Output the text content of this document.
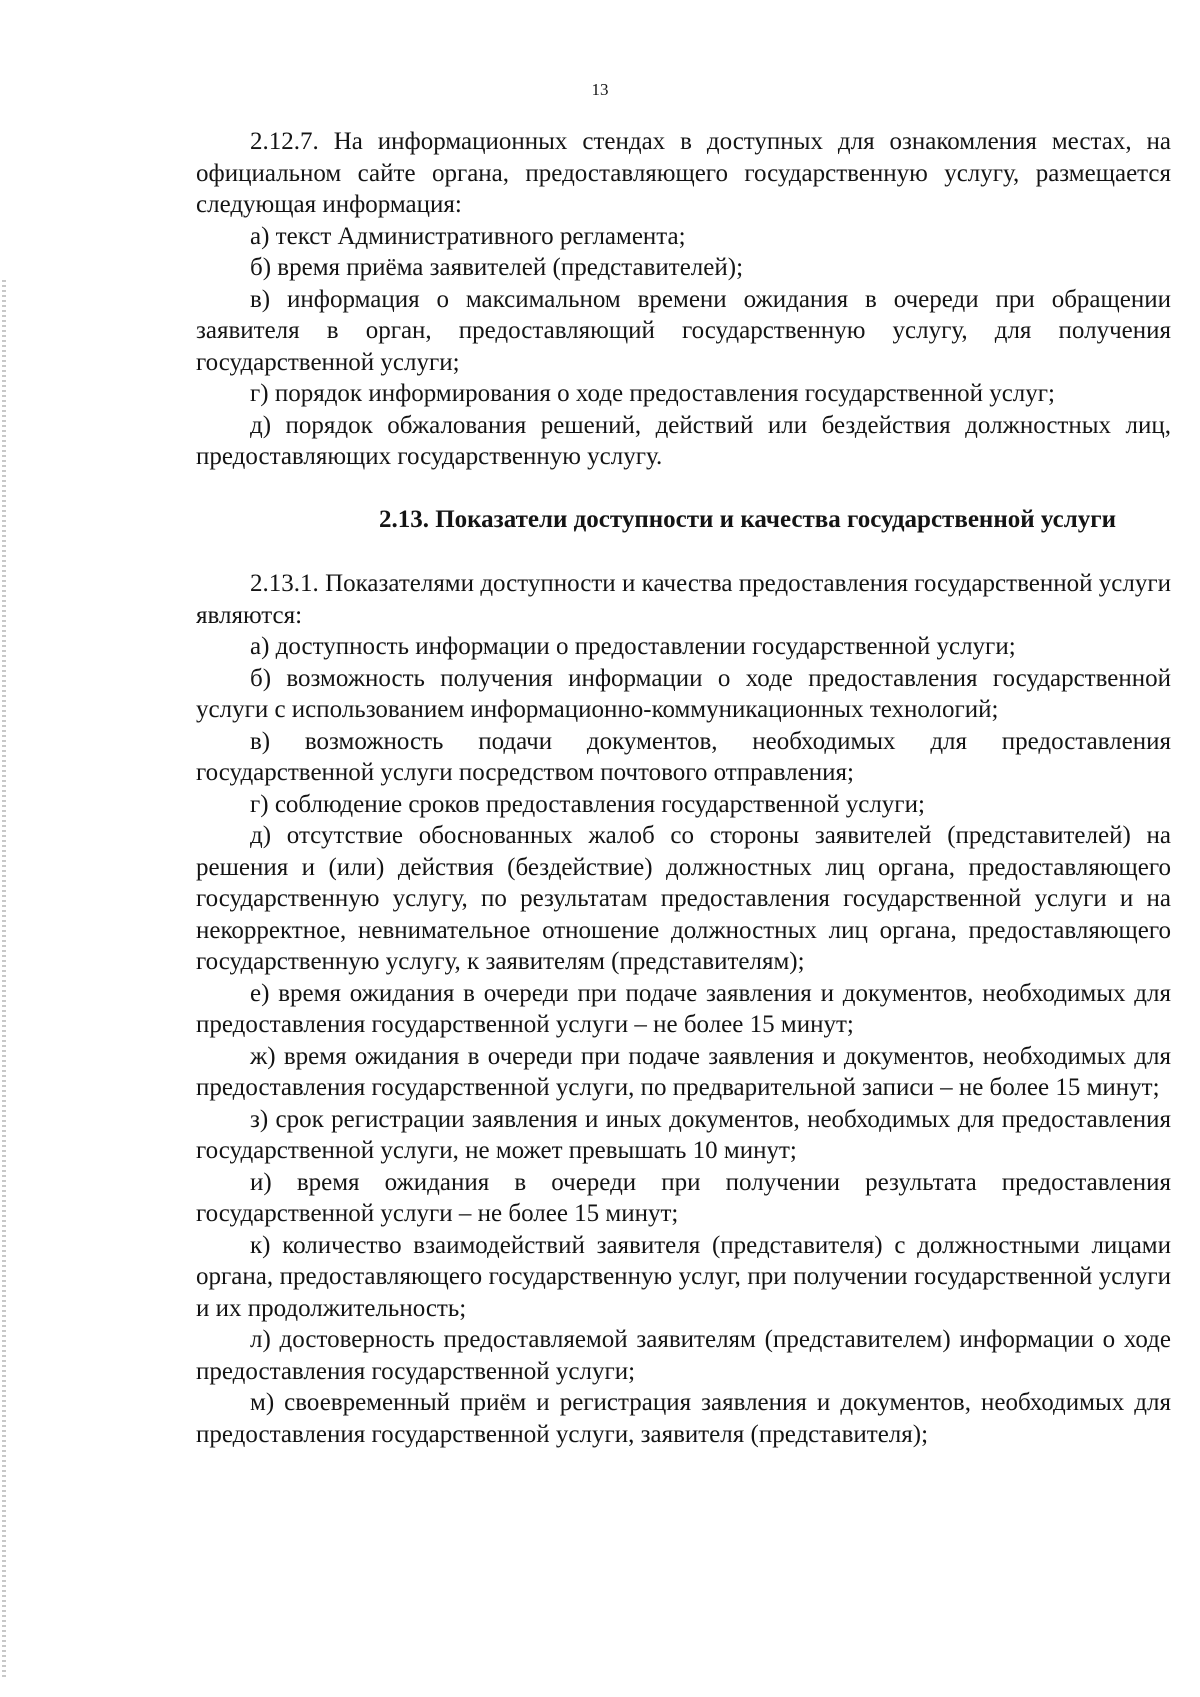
13

2.12.7. На информационных стендах в доступных для ознакомления местах, на официальном сайте органа, предоставляющего государственную услугу, размещается следующая информация:

а) текст Административного регламента;

б) время приёма заявителей (представителей);

в) информация о максимальном времени ожидания в очереди при обращении заявителя в орган, предоставляющий государственную услугу, для получения государственной услуги;

г) порядок информирования о ходе предоставления государственной услуг;

д) порядок обжалования решений, действий или бездействия должностных лиц, предоставляющих государственную услугу.

2.13. Показатели доступности и качества государственной услуги

2.13.1. Показателями доступности и качества предоставления государственной услуги являются:

а) доступность информации о предоставлении государственной услуги;

б) возможность получения информации о ходе предоставления государственной услуги с использованием информационно-коммуникационных технологий;

в) возможность подачи документов, необходимых для предоставления государственной услуги посредством почтового отправления;

г) соблюдение сроков предоставления государственной услуги;

д) отсутствие обоснованных жалоб со стороны заявителей (представителей) на решения и (или) действия (бездействие) должностных лиц органа, предоставляющего государственную услугу, по результатам предоставления государственной услуги и на некорректное, невнимательное отношение должностных лиц органа, предоставляющего государственную услугу, к заявителям (представителям);

е) время ожидания в очереди при подаче заявления и документов, необходимых для предоставления государственной услуги – не более 15 минут;

ж) время ожидания в очереди при подаче заявления и документов, необходимых для предоставления государственной услуги, по предварительной записи – не более 15 минут;

з) срок регистрации заявления и иных документов, необходимых для предоставления государственной услуги, не может превышать 10 минут;

и) время ожидания в очереди при получении результата предоставления государственной услуги – не более 15 минут;

к) количество взаимодействий заявителя (представителя) с должностными лицами органа, предоставляющего государственную услуг, при получении государственной услуги и их продолжительность;

л) достоверность предоставляемой заявителям (представителем) информации о ходе предоставления государственной услуги;

м) своевременный приём и регистрация заявления и документов, необходимых для предоставления государственной услуги, заявителя (представителя);
